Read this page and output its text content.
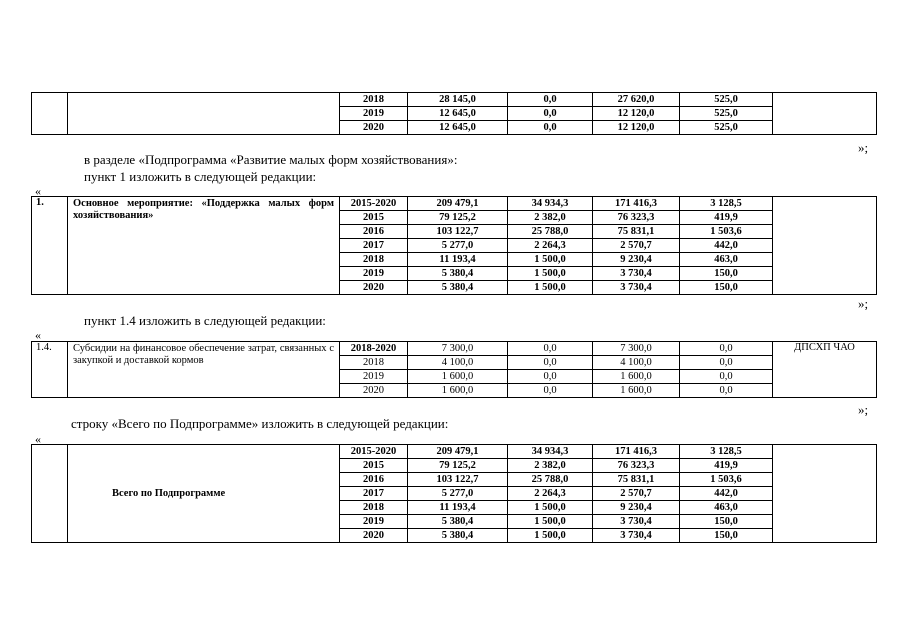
		2018	28 145,0	0,0	27 620,0	525,0	
		2019	12 645,0	0,0	12 120,0	525,0	
		2020	12 645,0	0,0	12 120,0	525,0	
»;
в разделе «Подпрограмма «Развитие малых форм хозяйствования»:
пункт 1 изложить в следующей редакции:
«
1.	Основное мероприятие: «Поддержка малых форм хозяйствования»	2015-2020	209 479,1	34 934,3	171 416,3	3 128,5	
		2015	79 125,2	2 382,0	76 323,3	419,9	
		2016	103 122,7	25 788,0	75 831,1	1 503,6	
		2017	5 277,0	2 264,3	2 570,7	442,0	
		2018	11 193,4	1 500,0	9 230,4	463,0	
		2019	5 380,4	1 500,0	3 730,4	150,0	
		2020	5 380,4	1 500,0	3 730,4	150,0	
»;
пункт 1.4 изложить в следующей редакции:
«
1.4.	Субсидии на финансовое обеспечение затрат, связанных с закупкой и доставкой кормов	2018-2020	7 300,0	0,0	7 300,0	0,0	ДПСХП ЧАО
		2018	4 100,0	0,0	4 100,0	0,0	
		2019	1 600,0	0,0	1 600,0	0,0	
		2020	1 600,0	0,0	1 600,0	0,0	
»;
строку «Всего по Подпрограмме» изложить в следующей редакции:
«
	Всего по Подпрограмме	2015-2020	209 479,1	34 934,3	171 416,3	3 128,5	
		2015	79 125,2	2 382,0	76 323,3	419,9	
		2016	103 122,7	25 788,0	75 831,1	1 503,6	
		2017	5 277,0	2 264,3	2 570,7	442,0	
		2018	11 193,4	1 500,0	9 230,4	463,0	
		2019	5 380,4	1 500,0	3 730,4	150,0	
		2020	5 380,4	1 500,0	3 730,4	150,0	
